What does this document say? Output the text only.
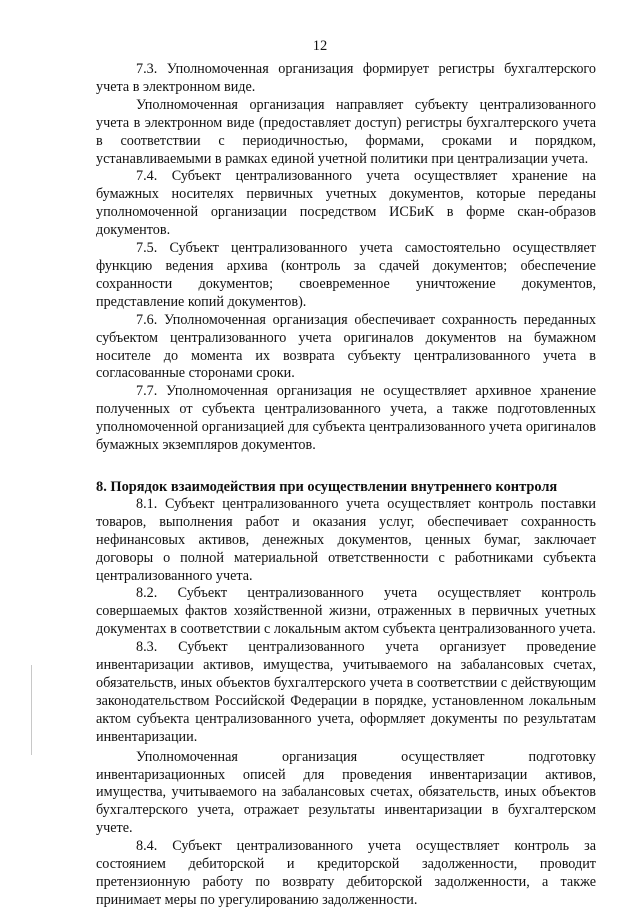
12

7.3. Уполномоченная организация формирует регистры бухгалтерского учета в электронном виде.

Уполномоченная организация направляет субъекту централизованного учета в электронном виде (предоставляет доступ) регистры бухгалтерского учета в соответствии с периодичностью, формами, сроками и порядком, устанавливаемыми в рамках единой учетной политики при централизации учета.

7.4. Субъект централизованного учета осуществляет хранение на бумажных носителях первичных учетных документов, которые переданы уполномоченной организации посредством ИСБиК в форме скан-образов документов.

7.5. Субъект централизованного учета самостоятельно осуществляет функцию ведения архива (контроль за сдачей документов; обеспечение сохранности документов; своевременное уничтожение документов, представление копий документов).

7.6. Уполномоченная организация обеспечивает сохранность переданных субъектом централизованного учета оригиналов документов на бумажном носителе до момента их возврата субъекту централизованного учета в согласованные сторонами сроки.

7.7. Уполномоченная организация не осуществляет архивное хранение полученных от субъекта централизованного учета, а также подготовленных уполномоченной организацией для субъекта централизованного учета оригиналов бумажных экземпляров документов.

8. Порядок взаимодействия при осуществлении внутреннего контроля

8.1. Субъект централизованного учета осуществляет контроль поставки товаров, выполнения работ и оказания услуг, обеспечивает сохранность нефинансовых активов, денежных документов, ценных бумаг, заключает договоры о полной материальной ответственности с работниками субъекта централизованного учета.

8.2. Субъект централизованного учета осуществляет контроль совершаемых фактов хозяйственной жизни, отраженных в первичных учетных документах в соответствии с локальным актом субъекта централизованного учета.

8.3. Субъект централизованного учета организует проведение инвентаризации активов, имущества, учитываемого на забалансовых счетах, обязательств, иных объектов бухгалтерского учета в соответствии с действующим законодательством Российской Федерации в порядке, установленном локальным актом субъекта централизованного учета, оформляет документы по результатам инвентаризации.

Уполномоченная организация осуществляет подготовку инвентаризационных описей для проведения инвентаризации активов, имущества, учитываемого на забалансовых счетах, обязательств, иных объектов бухгалтерского учета, отражает результаты инвентаризации в бухгалтерском учете.

8.4. Субъект централизованного учета осуществляет контроль за состоянием дебиторской и кредиторской задолженности, проводит претензионную работу по возврату дебиторской задолженности, а также принимает меры по урегулированию задолженности.
